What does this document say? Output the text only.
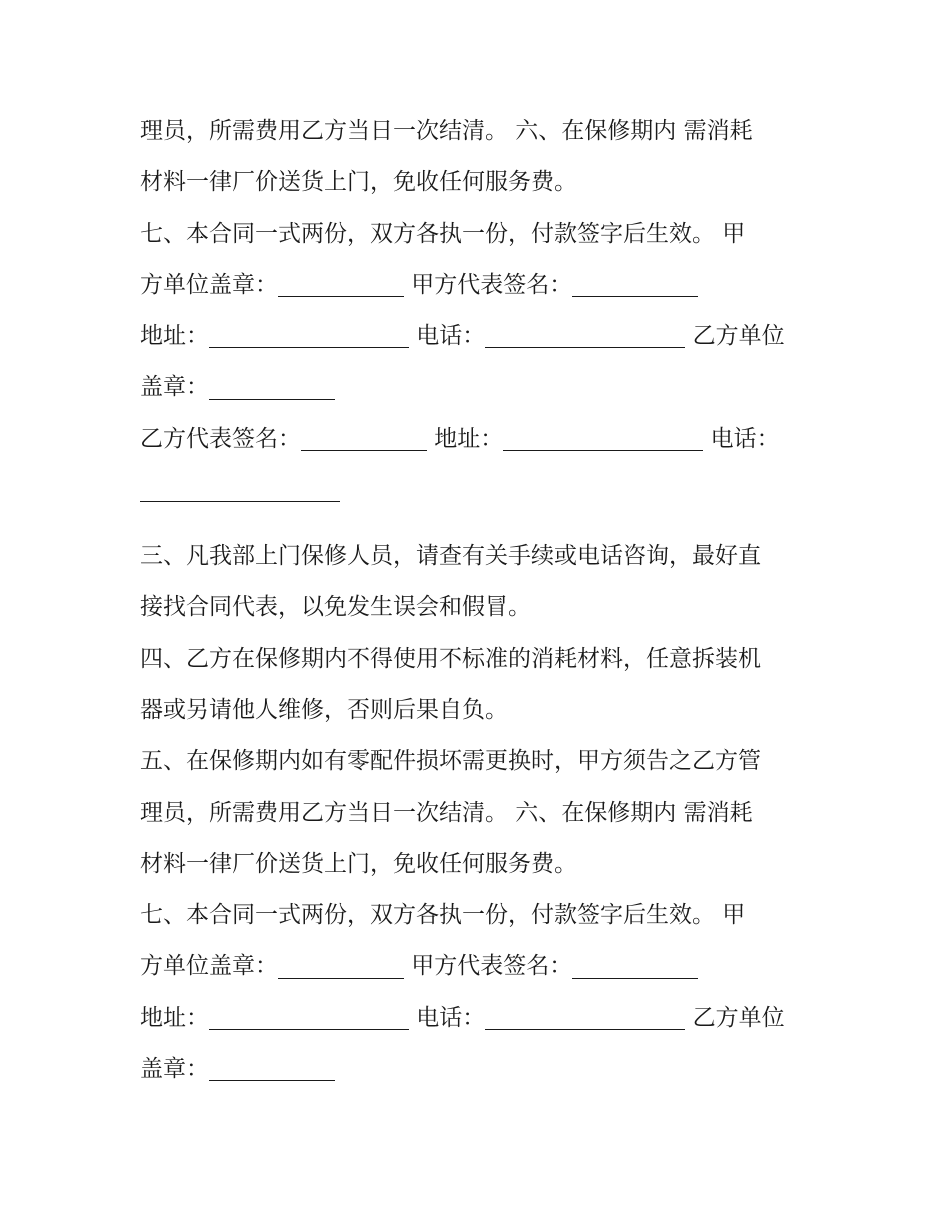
理员，所需费用乙方当日一次结清。 六、在保修期内 需消耗
材料一律厂价送货上门，免收任何服务费。
七、本合同一式两份，双方各执一份，付款签字后生效。 甲
方单位盖章：	甲方代表签名：
地址：	电话：	乙方单位
盖章：
乙方代表签名：	地址：	电话：
三、凡我部上门保修人员，请查有关手续或电话咨询，最好直
接找合同代表，以免发生误会和假冒。
四、乙方在保修期内不得使用不标准的消耗材料，任意拆装机
器或另请他人维修，否则后果自负。
五、在保修期内如有零配件损坏需更换时，甲方须告之乙方管
理员，所需费用乙方当日一次结清。 六、在保修期内 需消耗
材料一律厂价送货上门，免收任何服务费。
七、本合同一式两份，双方各执一份，付款签字后生效。 甲
方单位盖章：	甲方代表签名：
地址：	电话：	乙方单位
盖章：
